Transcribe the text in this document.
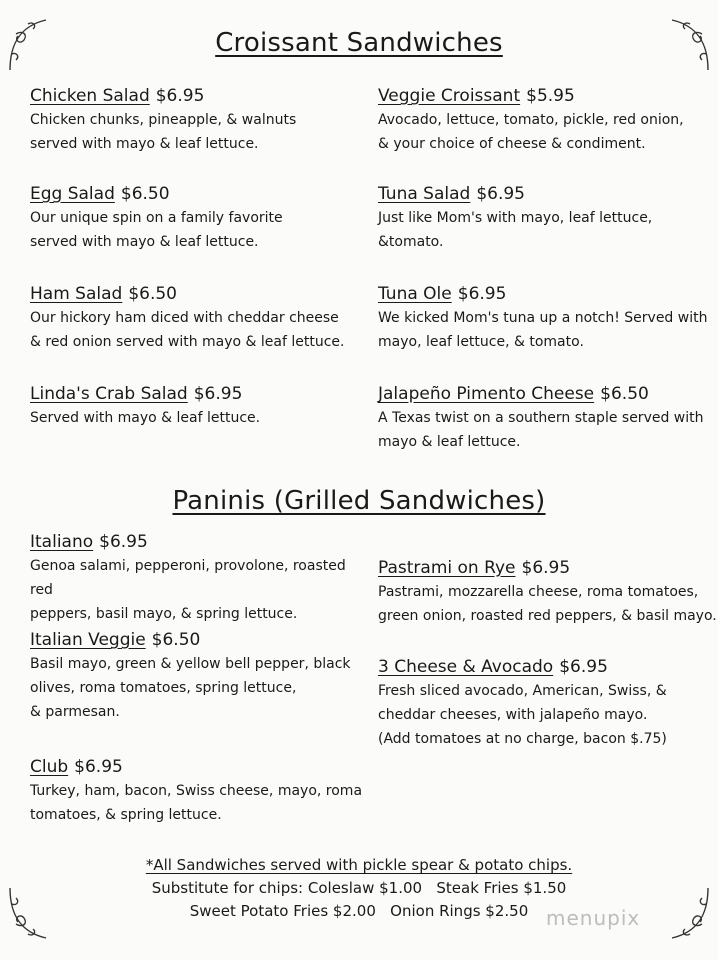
Croissant Sandwiches
Chicken Salad $6.95
Chicken chunks, pineapple, & walnuts
served with mayo & leaf lettuce.
Egg Salad $6.50
Our unique spin on a family favorite
served with mayo & leaf lettuce.
Ham Salad $6.50
Our hickory ham diced with cheddar cheese
& red onion served with mayo & leaf lettuce.
Linda's Crab Salad $6.95
Served with mayo & leaf lettuce.
Veggie Croissant $5.95
Avocado, lettuce, tomato, pickle, red onion,
& your choice of cheese & condiment.
Tuna Salad $6.95
Just like Mom's with mayo, leaf lettuce,
&tomato.
Tuna Ole $6.95
We kicked Mom's tuna up a notch! Served with
mayo, leaf lettuce, & tomato.
Jalapeño Pimento Cheese $6.50
A Texas twist on a southern staple served with
mayo & leaf lettuce.
Paninis (Grilled Sandwiches)
Italiano $6.95
Genoa salami, pepperoni, provolone, roasted red
peppers, basil mayo, & spring lettuce.
Italian Veggie $6.50
Basil mayo, green & yellow bell pepper, black
olives, roma tomatoes, spring lettuce,
& parmesan.
Club $6.95
Turkey, ham, bacon, Swiss cheese, mayo, roma
tomatoes, & spring lettuce.
Pastrami on Rye $6.95
Pastrami, mozzarella cheese, roma tomatoes,
green onion, roasted red peppers, & basil mayo.
3 Cheese & Avocado $6.95
Fresh sliced avocado, American, Swiss, &
cheddar cheeses, with jalapeño mayo.
(Add tomatoes at no charge, bacon $.75)
*All Sandwiches served with pickle spear & potato chips.
Substitute for chips: Coleslaw $1.00   Steak Fries $1.50
Sweet Potato Fries $2.00   Onion Rings $2.50 menupix
